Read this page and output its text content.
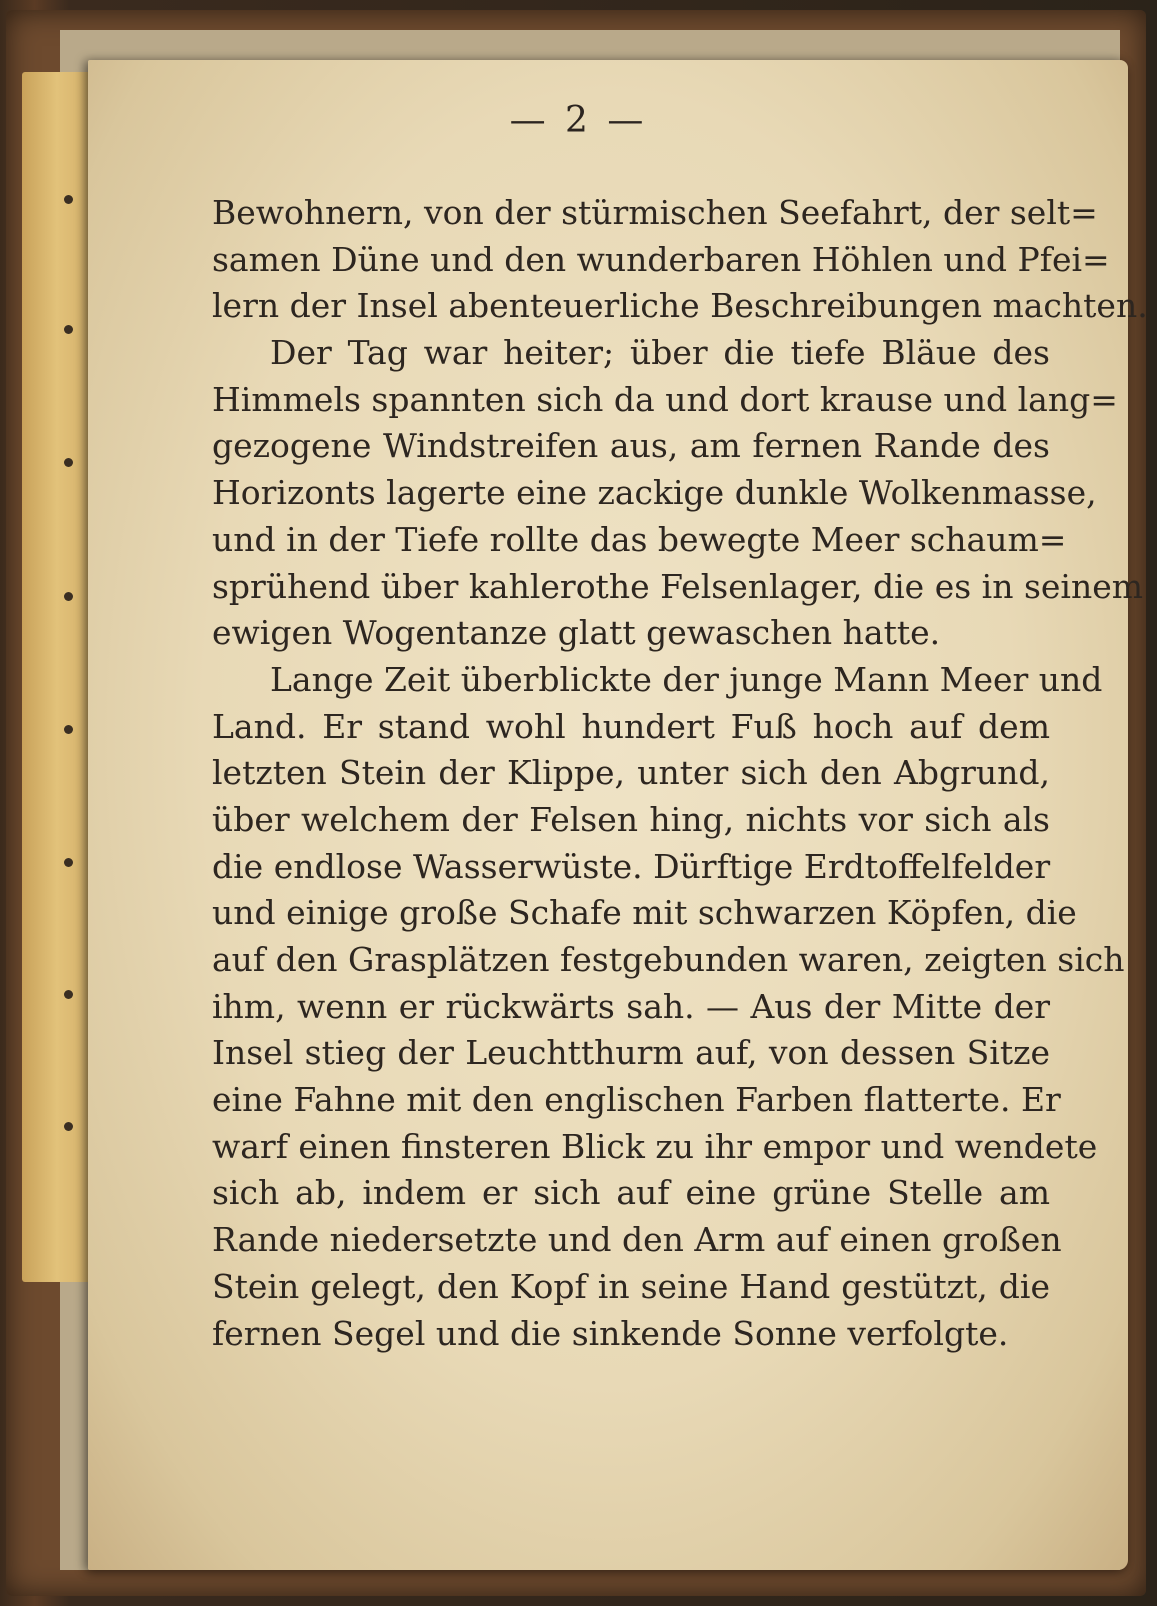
— 2 —
Bewohnern, von der stürmischen Seefahrt, der selt=
samen Düne und den wunderbaren Höhlen und Pfei=
lern der Insel abenteuerliche Beschreibungen machten.
Der Tag war heiter; über die tiefe Bläue des
Himmels spannten sich da und dort krause und lang=
gezogene Windstreifen aus, am fernen Rande des
Horizonts lagerte eine zackige dunkle Wolkenmasse,
und in der Tiefe rollte das bewegte Meer schaum=
sprühend über kahlerothe Felsenlager, die es in seinem
ewigen Wogentanze glatt gewaschen hatte.
Lange Zeit überblickte der junge Mann Meer und
Land. Er stand wohl hundert Fuß hoch auf dem
letzten Stein der Klippe, unter sich den Abgrund,
über welchem der Felsen hing, nichts vor sich als
die endlose Wasserwüste. Dürftige Erdtoffelfelder
und einige große Schafe mit schwarzen Köpfen, die
auf den Grasplätzen festgebunden waren, zeigten sich
ihm, wenn er rückwärts sah. — Aus der Mitte der
Insel stieg der Leuchtthurm auf, von dessen Sitze
eine Fahne mit den englischen Farben flatterte. Er
warf einen finsteren Blick zu ihr empor und wendete
sich ab, indem er sich auf eine grüne Stelle am
Rande niedersetzte und den Arm auf einen großen
Stein gelegt, den Kopf in seine Hand gestützt, die
fernen Segel und die sinkende Sonne verfolgte.
